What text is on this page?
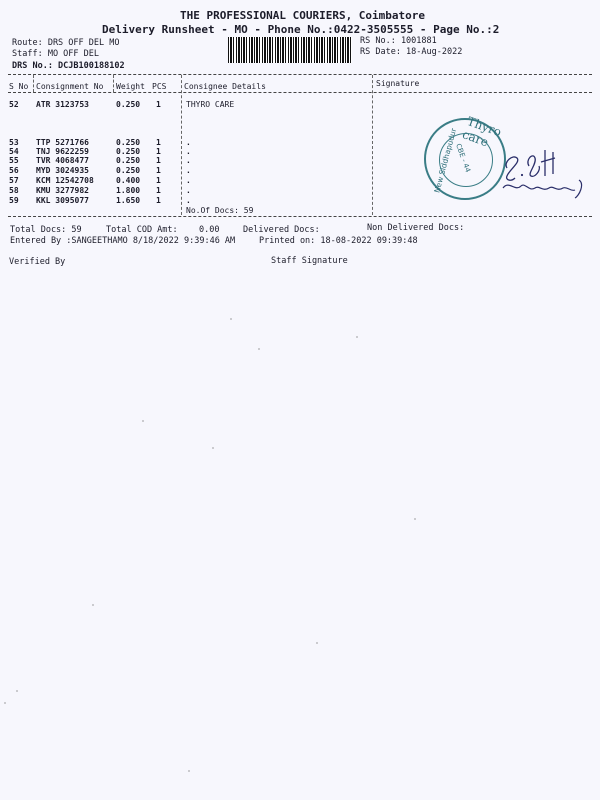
THE PROFESSIONAL COURIERS, Coimbatore
Delivery Runsheet - MO - Phone No.:0422-3505555 - Page No.:2
Route: DRS OFF DEL MO
Staff: MO OFF DEL
DRS No.: DCJB100188102
RS No.: 1001881
RS Date: 18-Aug-2022
S No Consignment No Weight PCS Consignee Details	Signature
52 ATR 3123753	0.250 1	THYRO CARE
53 TTP 5271766	0.250 1	.
54 TNJ 9622259	0.250 1	.
55 TVR 4068477	0.250 1	.
56 MYD 3024935	0.250 1	.
57 KCM 12542708	0.400 1	.
58 KMU 3277982	1.800 1	.
59 KKL 3095077	1.650 1	.
No.Of Docs: 59
Total Docs: 59	Total COD Amt:	0.00	Delivered Docs:	Non Delivered Docs:
Entered By :SANGEETHAMO 8/18/2022 9:39:46 AM	Printed on: 18-08-2022 09:39:48
Verified By	Staff Signature
Thyro care
New Siddhapudur
CBE - 44
